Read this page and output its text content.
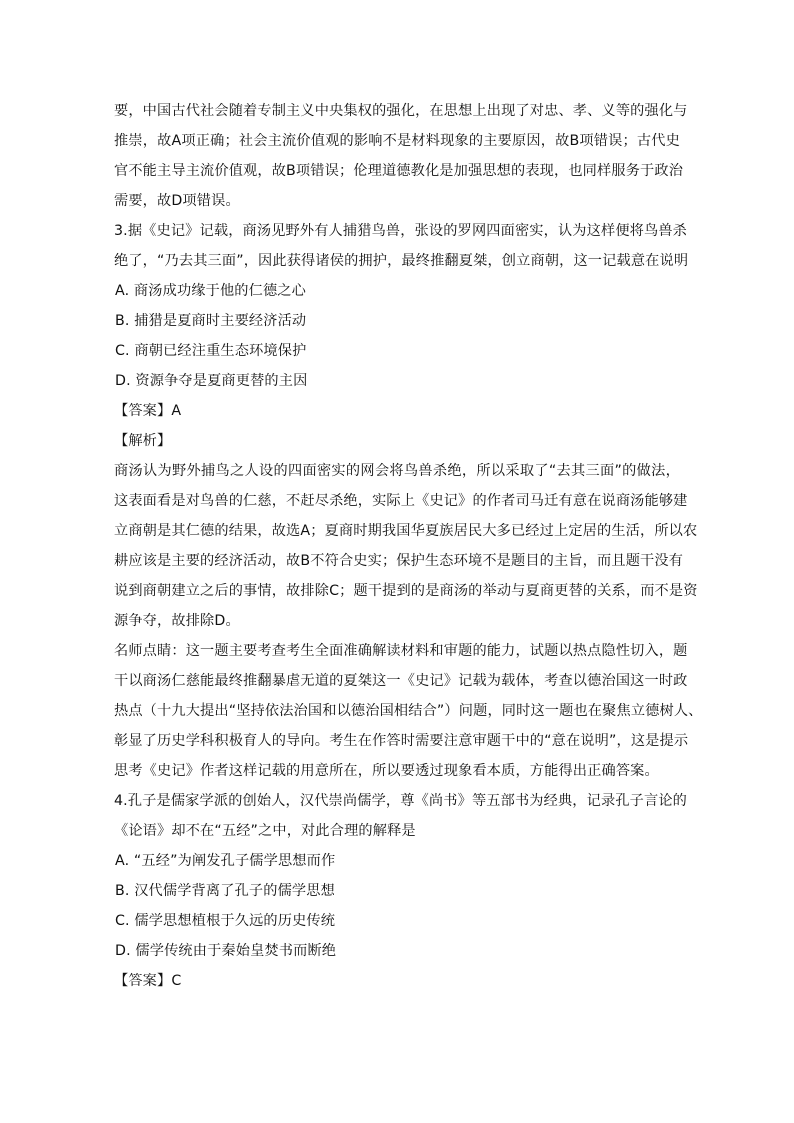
要，中国古代社会随着专制主义中央集权的强化，在思想上出现了对忠、孝、义等的强化与
推崇，故A项正确；社会主流价值观的影响不是材料现象的主要原因，故B项错误；古代史
官不能主导主流价值观，故B项错误；伦理道德教化是加强思想的表现，也同样服务于政治
需要，故D项错误。
3.据《史记》记载，商汤见野外有人捕猎鸟兽，张设的罗网四面密实，认为这样便将鸟兽杀
绝了，“乃去其三面”，因此获得诸侯的拥护，最终推翻夏桀，创立商朝，这一记载意在说明
A. 商汤成功缘于他的仁德之心
B. 捕猎是夏商时主要经济活动
C. 商朝已经注重生态环境保护
D. 资源争夺是夏商更替的主因
【答案】A
【解析】
商汤认为野外捕鸟之人设的四面密实的网会将鸟兽杀绝，所以采取了“去其三面”的做法，
这表面看是对鸟兽的仁慈，不赶尽杀绝，实际上《史记》的作者司马迁有意在说商汤能够建
立商朝是其仁德的结果，故选A；夏商时期我国华夏族居民大多已经过上定居的生活，所以农
耕应该是主要的经济活动，故B不符合史实；保护生态环境不是题目的主旨，而且题干没有
说到商朝建立之后的事情，故排除C；题干提到的是商汤的举动与夏商更替的关系，而不是资
源争夺，故排除D。
名师点睛：这一题主要考查考生全面准确解读材料和审题的能力，试题以热点隐性切入，题
干以商汤仁慈能最终推翻暴虐无道的夏桀这一《史记》记载为载体，考查以德治国这一时政
热点（十九大提出“坚持依法治国和以德治国相结合”）问题，同时这一题也在聚焦立德树人、
彰显了历史学科积极育人的导向。考生在作答时需要注意审题干中的“意在说明”，这是提示
思考《史记》作者这样记载的用意所在，所以要透过现象看本质，方能得出正确答案。
4.孔子是儒家学派的创始人，汉代崇尚儒学，尊《尚书》等五部书为经典，记录孔子言论的
《论语》却不在“五经”之中，对此合理的解释是
A. “五经”为阐发孔子儒学思想而作
B. 汉代儒学背离了孔子的儒学思想
C. 儒学思想植根于久远的历史传统
D. 儒学传统由于秦始皇焚书而断绝
【答案】C
